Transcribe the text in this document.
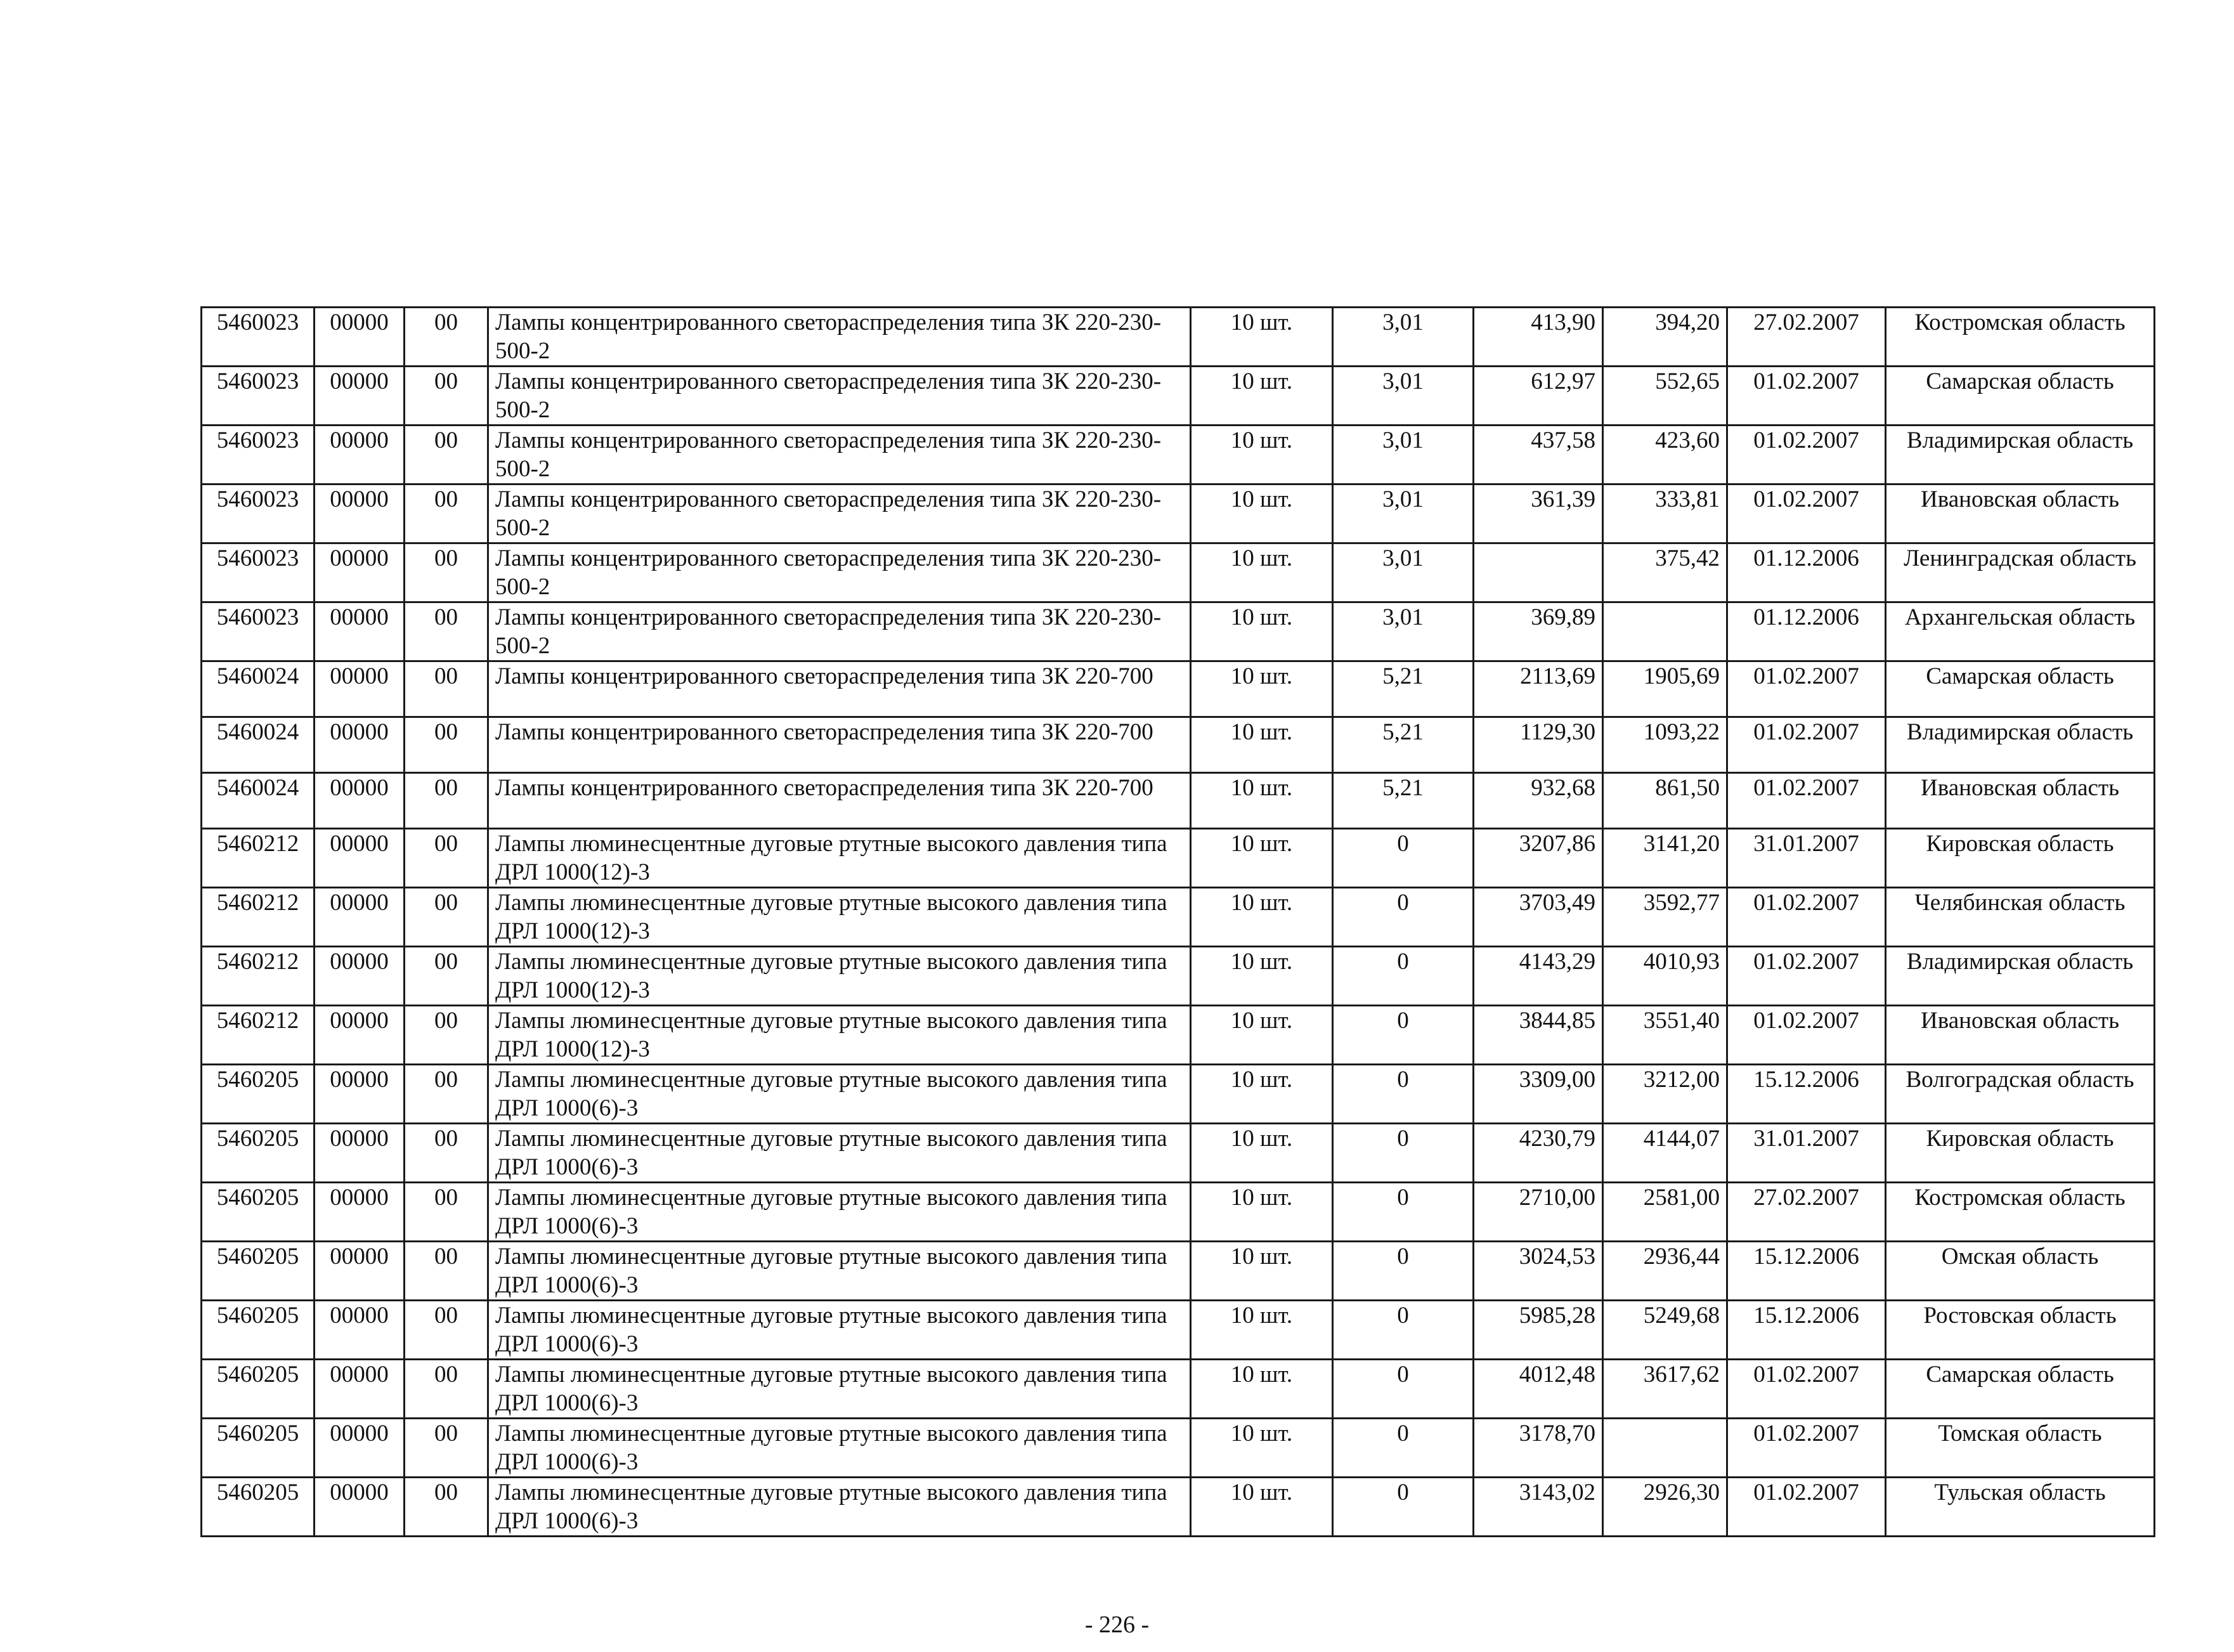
5460023	00000	00	Лампы концентрированного светораспределения типа ЗК 220-230-500-2	10 шт.	3,01	413,90	394,20	27.02.2007	Костромская область
5460023	00000	00	Лампы концентрированного светораспределения типа ЗК 220-230-500-2	10 шт.	3,01	612,97	552,65	01.02.2007	Самарская область
5460023	00000	00	Лампы концентрированного светораспределения типа ЗК 220-230-500-2	10 шт.	3,01	437,58	423,60	01.02.2007	Владимирская область
5460023	00000	00	Лампы концентрированного светораспределения типа ЗК 220-230-500-2	10 шт.	3,01	361,39	333,81	01.02.2007	Ивановская область
5460023	00000	00	Лампы концентрированного светораспределения типа ЗК 220-230-500-2	10 шт.	3,01		375,42	01.12.2006	Ленинградская область
5460023	00000	00	Лампы концентрированного светораспределения типа ЗК 220-230-500-2	10 шт.	3,01	369,89		01.12.2006	Архангельская область
5460024	00000	00	Лампы концентрированного светораспределения типа ЗК 220-700	10 шт.	5,21	2113,69	1905,69	01.02.2007	Самарская область
5460024	00000	00	Лампы концентрированного светораспределения типа ЗК 220-700	10 шт.	5,21	1129,30	1093,22	01.02.2007	Владимирская область
5460024	00000	00	Лампы концентрированного светораспределения типа ЗК 220-700	10 шт.	5,21	932,68	861,50	01.02.2007	Ивановская область
5460212	00000	00	Лампы люминесцентные дуговые ртутные высокого давления типа ДРЛ 1000(12)-3	10 шт.	0	3207,86	3141,20	31.01.2007	Кировская область
5460212	00000	00	Лампы люминесцентные дуговые ртутные высокого давления типа ДРЛ 1000(12)-3	10 шт.	0	3703,49	3592,77	01.02.2007	Челябинская область
5460212	00000	00	Лампы люминесцентные дуговые ртутные высокого давления типа ДРЛ 1000(12)-3	10 шт.	0	4143,29	4010,93	01.02.2007	Владимирская область
5460212	00000	00	Лампы люминесцентные дуговые ртутные высокого давления типа ДРЛ 1000(12)-3	10 шт.	0	3844,85	3551,40	01.02.2007	Ивановская область
5460205	00000	00	Лампы люминесцентные дуговые ртутные высокого давления типа ДРЛ 1000(6)-3	10 шт.	0	3309,00	3212,00	15.12.2006	Волгоградская область
5460205	00000	00	Лампы люминесцентные дуговые ртутные высокого давления типа ДРЛ 1000(6)-3	10 шт.	0	4230,79	4144,07	31.01.2007	Кировская область
5460205	00000	00	Лампы люминесцентные дуговые ртутные высокого давления типа ДРЛ 1000(6)-3	10 шт.	0	2710,00	2581,00	27.02.2007	Костромская область
5460205	00000	00	Лампы люминесцентные дуговые ртутные высокого давления типа ДРЛ 1000(6)-3	10 шт.	0	3024,53	2936,44	15.12.2006	Омская область
5460205	00000	00	Лампы люминесцентные дуговые ртутные высокого давления типа ДРЛ 1000(6)-3	10 шт.	0	5985,28	5249,68	15.12.2006	Ростовская область
5460205	00000	00	Лампы люминесцентные дуговые ртутные высокого давления типа ДРЛ 1000(6)-3	10 шт.	0	4012,48	3617,62	01.02.2007	Самарская область
5460205	00000	00	Лампы люминесцентные дуговые ртутные высокого давления типа ДРЛ 1000(6)-3	10 шт.	0	3178,70		01.02.2007	Томская область
5460205	00000	00	Лампы люминесцентные дуговые ртутные высокого давления типа ДРЛ 1000(6)-3	10 шт.	0	3143,02	2926,30	01.02.2007	Тульская область
- 226 -
